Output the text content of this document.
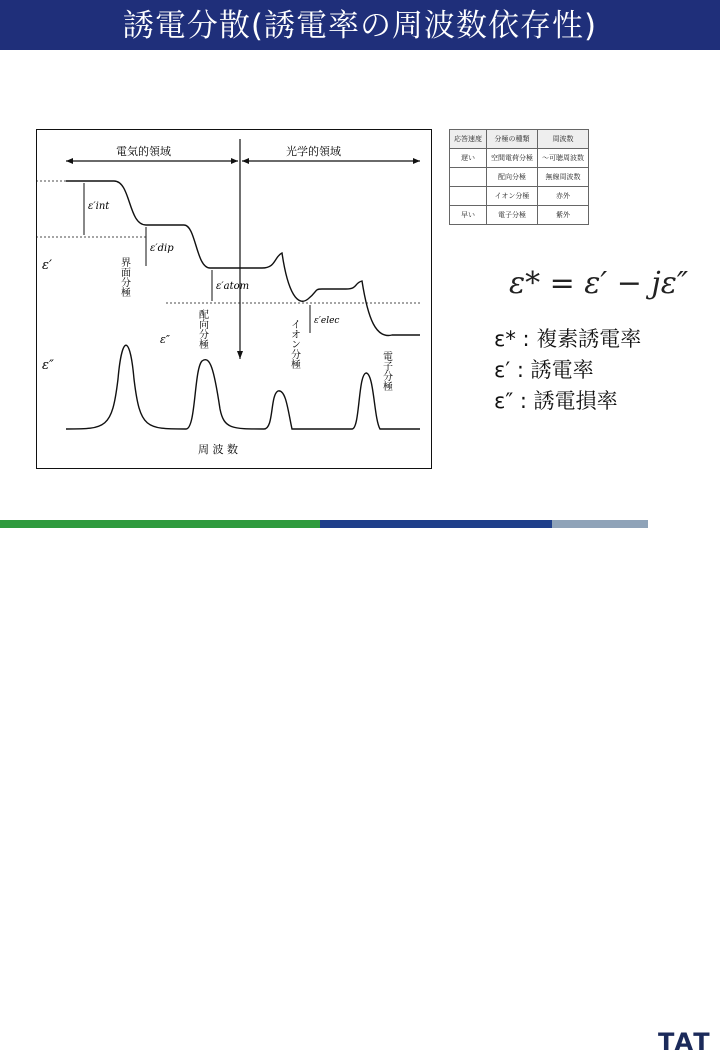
誘電分散(誘電率の周波数依存性)
電気的領域	光学的領域
ε′
ε″
ε′int
ε′dip
ε′atom
ε′elec
ε″
界面分極
配向分極	イオン分極
電子分極
周 波 数
応答速度	分極の種類	周波数
遅い	空間電荷分極	～可聴周波数
	配向分極	無線周波数
	イオン分極	赤外
早い	電子分極	紫外
ε* = ε′ − jε″
ε* : 複素誘電率
ε′ : 誘電率
ε″ : 誘電損率
TAT
